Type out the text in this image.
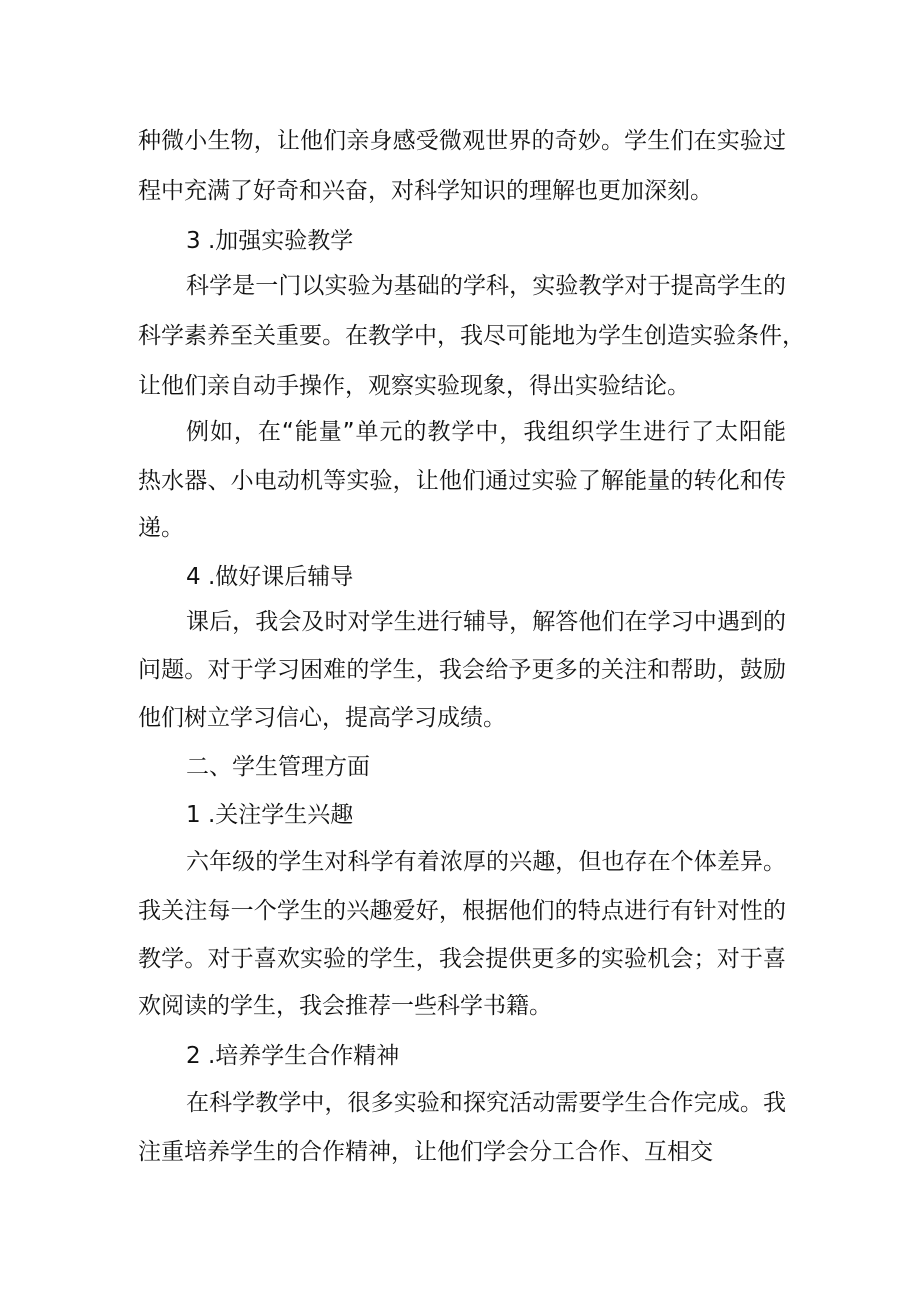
种微小生物，让他们亲身感受微观世界的奇妙。学生们在实验过

程中充满了好奇和兴奋，对科学知识的理解也更加深刻。

3 .加强实验教学

科学是一门以实验为基础的学科，实验教学对于提高学生的

科学素养至关重要。在教学中，我尽可能地为学生创造实验条件，

让他们亲自动手操作，观察实验现象，得出实验结论。

例如，在“能量”单元的教学中，我组织学生进行了太阳能

热水器、小电动机等实验，让他们通过实验了解能量的转化和传

递。

4 .做好课后辅导

课后，我会及时对学生进行辅导，解答他们在学习中遇到的

问题。对于学习困难的学生，我会给予更多的关注和帮助，鼓励

他们树立学习信心，提高学习成绩。

二、学生管理方面

1 .关注学生兴趣

六年级的学生对科学有着浓厚的兴趣，但也存在个体差异。

我关注每一个学生的兴趣爱好，根据他们的特点进行有针对性的

教学。对于喜欢实验的学生，我会提供更多的实验机会；对于喜

欢阅读的学生，我会推荐一些科学书籍。

2 .培养学生合作精神

在科学教学中，很多实验和探究活动需要学生合作完成。我

注重培养学生的合作精神，让他们学会分工合作、互相交
